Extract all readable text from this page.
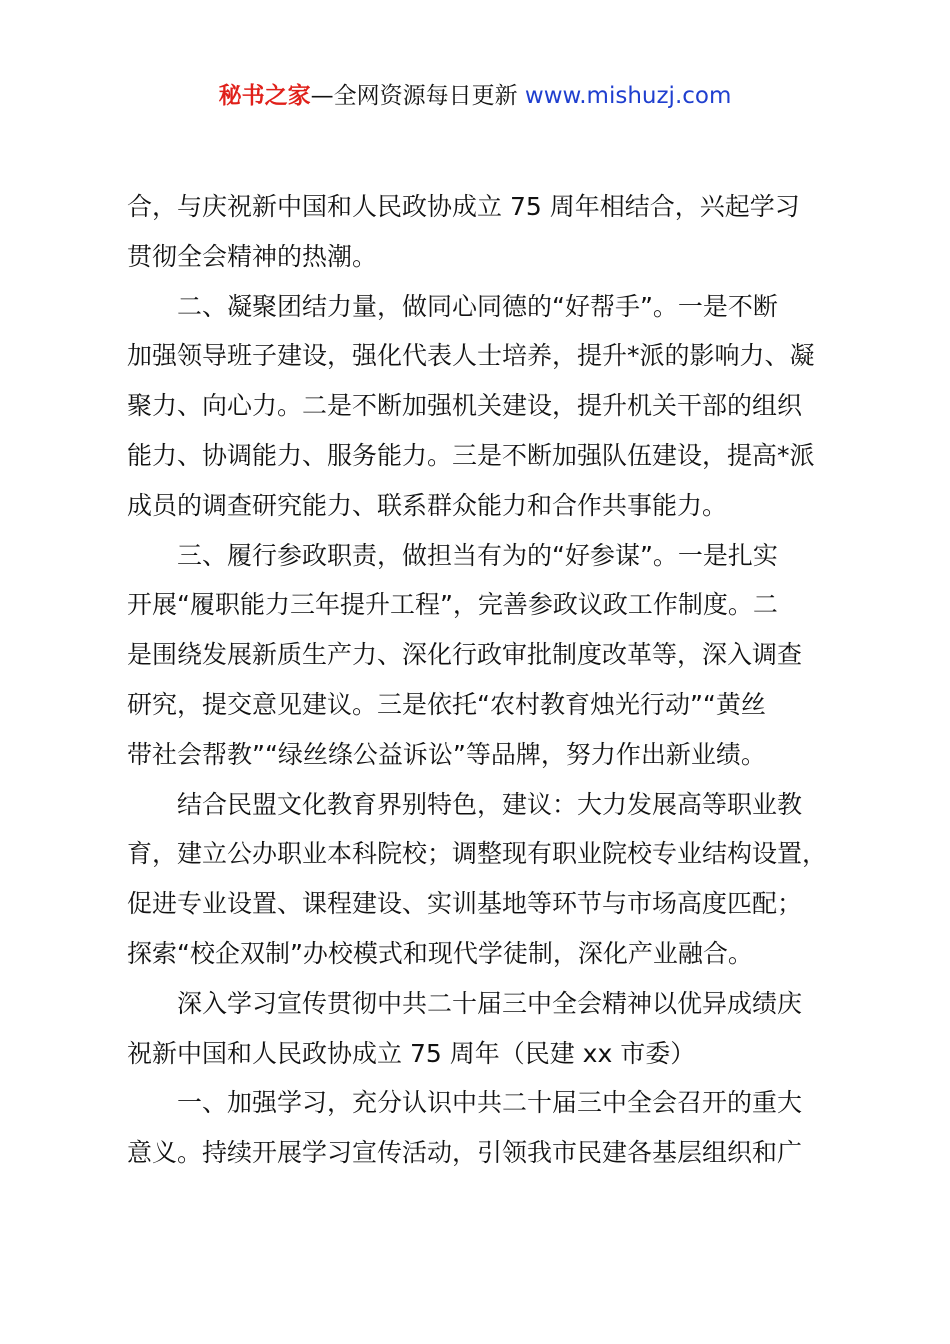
秘书之家—全网资源每日更新 www.mishuzj.com
合，与庆祝新中国和人民政协成立 75 周年相结合，兴起学习
贯彻全会精神的热潮。
二、凝聚团结力量，做同心同德的“好帮手”。一是不断
加强领导班子建设，强化代表人士培养，提升*派的影响力、凝
聚力、向心力。二是不断加强机关建设，提升机关干部的组织
能力、协调能力、服务能力。三是不断加强队伍建设，提高*派
成员的调查研究能力、联系群众能力和合作共事能力。
三、履行参政职责，做担当有为的“好参谋”。一是扎实
开展“履职能力三年提升工程”，完善参政议政工作制度。二
是围绕发展新质生产力、深化行政审批制度改革等，深入调查
研究，提交意见建议。三是依托“农村教育烛光行动”“黄丝
带社会帮教”“绿丝绦公益诉讼”等品牌，努力作出新业绩。
结合民盟文化教育界别特色，建议：大力发展高等职业教
育，建立公办职业本科院校；调整现有职业院校专业结构设置，
促进专业设置、课程建设、实训基地等环节与市场高度匹配；
探索“校企双制”办校模式和现代学徒制，深化产业融合。
深入学习宣传贯彻中共二十届三中全会精神以优异成绩庆
祝新中国和人民政协成立 75 周年（民建 xx 市委）
一、加强学习，充分认识中共二十届三中全会召开的重大
意义。持续开展学习宣传活动，引领我市民建各基层组织和广
